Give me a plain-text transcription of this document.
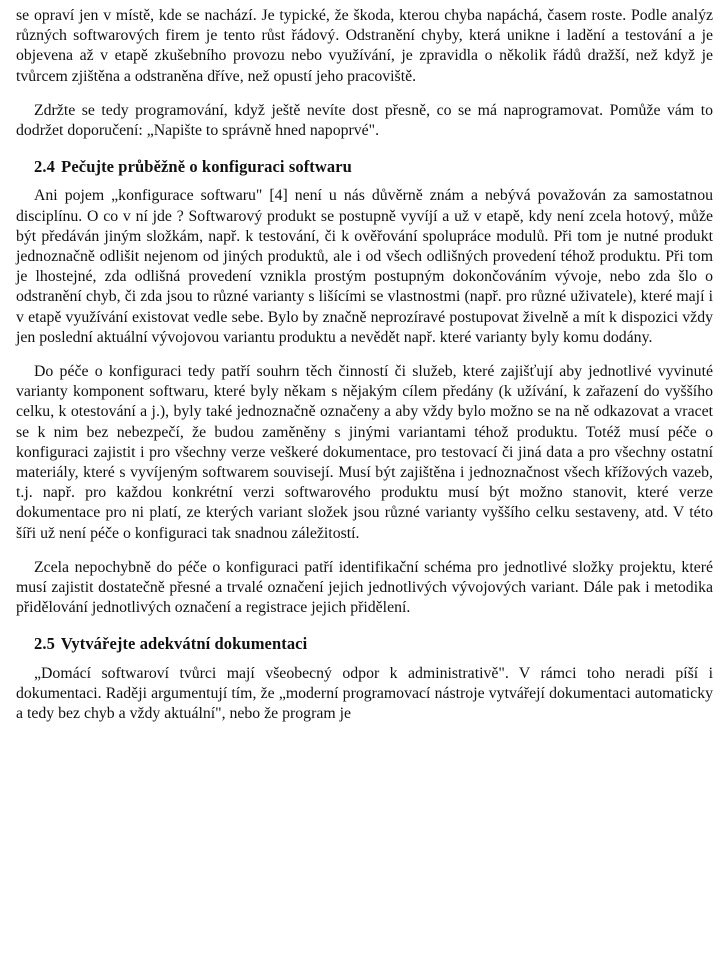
se opraví jen v místě, kde se nachází. Je typické, že škoda, kterou chyba napáchá, časem roste. Podle analýz různých softwarových firem je tento růst řádový. Odstranění chyby, která unikne i ladění a testování a je objevena až v etapě zkušebního provozu nebo využívání, je zpravidla o několik řádů dražší, než když je tvůrcem zjištěna a odstraněna dříve, než opustí jeho pracoviště.

Zdržte se tedy programování, když ještě nevíte dost přesně, co se má naprogramovat. Pomůže vám to dodržet doporučení: „Napište to správně hned napoprvé".

2.4 Pečujte průběžně o konfiguraci softwaru

Ani pojem „konfigurace softwaru" [4] není u nás důvěrně znám a nebývá považován za samostatnou disciplínu. O co v ní jde ? Softwarový produkt se postupně vyvíjí a už v etapě, kdy není zcela hotový, může být předáván jiným složkám, např. k testování, či k ověřování spolupráce modulů. Při tom je nutné produkt jednoznačně odlišit nejenom od jiných produktů, ale i od všech odlišných provedení téhož produktu. Při tom je lhostejné, zda odlišná provedení vznikla prostým postupným dokončováním vývoje, nebo zda šlo o odstranění chyb, či zda jsou to různé varianty s lišícími se vlastnostmi (např. pro různé uživatele), které mají i v etapě využívání existovat vedle sebe. Bylo by značně neprozíravé postupovat živelně a mít k dispozici vždy jen poslední aktuální vývojovou variantu produktu a nevědět např. které varianty byly komu dodány.

Do péče o konfiguraci tedy patří souhrn těch činností či služeb, které zajišťují aby jednotlivé vyvinuté varianty komponent softwaru, které byly někam s nějakým cílem předány (k užívání, k zařazení do vyššího celku, k otestování a j.), byly také jednoznačně označeny a aby vždy bylo možno se na ně odkazovat a vracet se k nim bez nebezpečí, že budou zaměněny s jinými variantami téhož produktu. Totéž musí péče o konfiguraci zajistit i pro všechny verze veškeré dokumentace, pro testovací či jiná data a pro všechny ostatní materiály, které s vyvíjeným softwarem souvisejí. Musí být zajištěna i jednoznačnost všech křížových vazeb, t.j. např. pro každou konkrétní verzi softwarového produktu musí být možno stanovit, které verze dokumentace pro ni platí, ze kterých variant složek jsou různé varianty vyššího celku sestaveny, atd. V této šíři už není péče o konfiguraci tak snadnou záležitostí.

Zcela nepochybně do péče o konfiguraci patří identifikační schéma pro jednotlivé složky projektu, které musí zajistit dostatečně přesné a trvalé označení jejich jednotlivých vývojových variant. Dále pak i metodika přidělování jednotlivých označení a registrace jejich přidělení.

2.5 Vytvářejte adekvátní dokumentaci

„Domácí softwaroví tvůrci mají všeobecný odpor k administrativě". V rámci toho neradi píší i dokumentaci. Raději argumentují tím, že „moderní programovací nástroje vytvářejí dokumentaci automaticky a tedy bez chyb a vždy aktuální", nebo že program je
